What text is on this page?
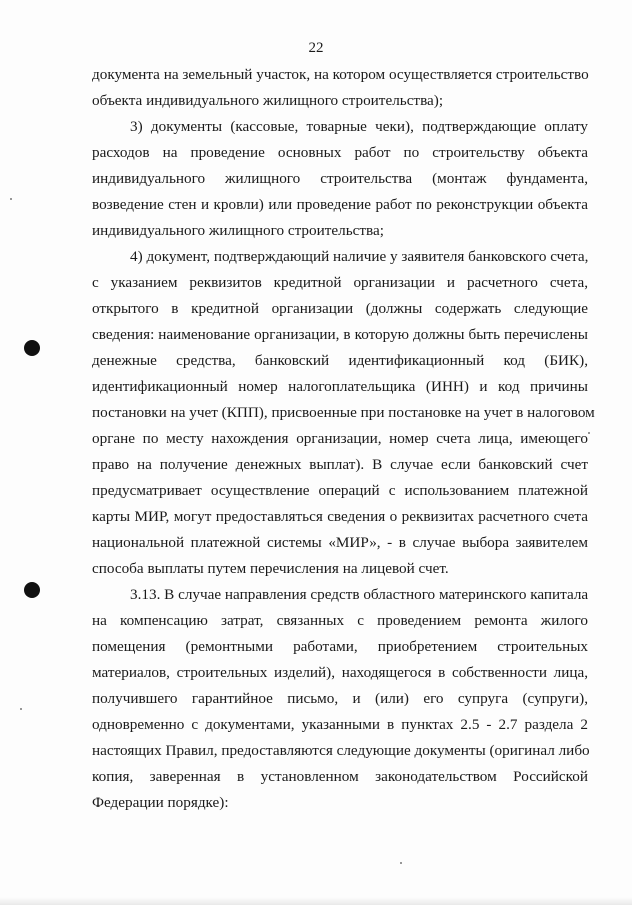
22
документа на земельный участок, на котором осуществляется строительство
объекта индивидуального жилищного строительства);
3) документы (кассовые, товарные чеки), подтверждающие оплату
расходов на проведение основных работ по строительству объекта
индивидуального жилищного строительства (монтаж фундамента,
возведение стен и кровли) или проведение работ по реконструкции объекта
индивидуального жилищного строительства;
4) документ, подтверждающий наличие у заявителя банковского счета,
с указанием реквизитов кредитной организации и расчетного счета,
открытого в кредитной организации (должны содержать следующие
сведения: наименование организации, в которую должны быть перечислены
денежные средства, банковский идентификационный код (БИК),
идентификационный номер налогоплательщика (ИНН) и код причины
постановки на учет (КПП), присвоенные при постановке на учет в налоговом
органе по месту нахождения организации, номер счета лица, имеющего
право на получение денежных выплат). В случае если банковский счет
предусматривает осуществление операций с использованием платежной
карты МИР, могут предоставляться сведения о реквизитах расчетного счета
национальной платежной системы «МИР», - в случае выбора заявителем
способа выплаты путем перечисления на лицевой счет.
3.13. В случае направления средств областного материнского капитала
на компенсацию затрат, связанных с проведением ремонта жилого
помещения (ремонтными работами, приобретением строительных
материалов, строительных изделий), находящегося в собственности лица,
получившего гарантийное письмо, и (или) его супруга (супруги),
одновременно с документами, указанными в пунктах 2.5 - 2.7 раздела 2
настоящих Правил, предоставляются следующие документы (оригинал либо
копия, заверенная в установленном законодательством Российской
Федерации порядке):
